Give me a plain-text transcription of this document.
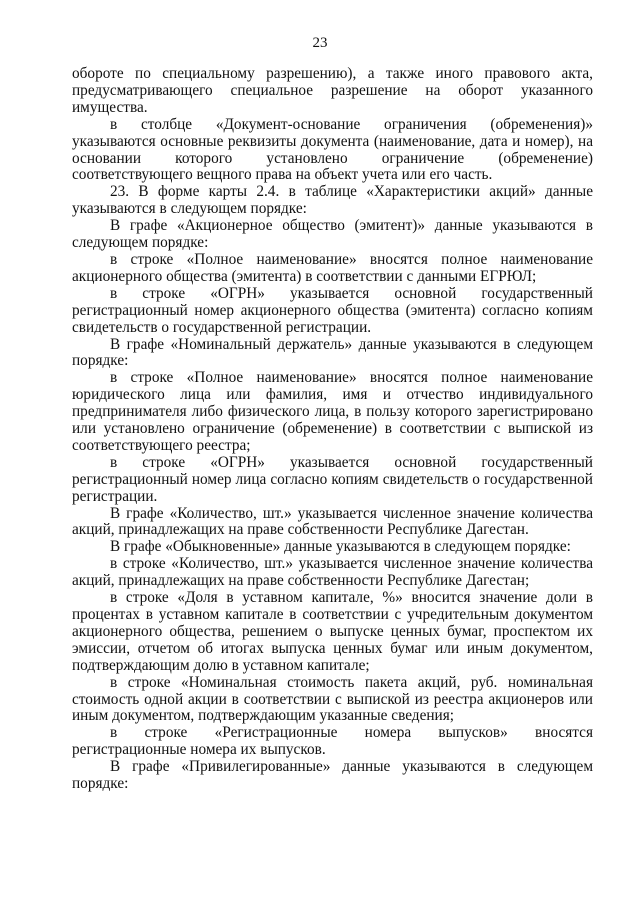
23

обороте по специальному разрешению), а также иного правового акта, предусматривающего специальное разрешение на оборот указанного имущества.

в столбце «Документ-основание ограничения (обременения)» указываются основные реквизиты документа (наименование, дата и номер), на основании которого установлено ограничение (обременение) соответствующего вещного права на объект учета или его часть.

23. В форме карты 2.4. в таблице «Характеристики акций» данные указываются в следующем порядке:

В графе «Акционерное общество (эмитент)» данные указываются в следующем порядке:

в строке «Полное наименование» вносятся полное наименование акционерного общества (эмитента) в соответствии с данными ЕГРЮЛ;

в строке «ОГРН» указывается основной государственный регистрационный номер акционерного общества (эмитента) согласно копиям свидетельств о государственной регистрации.

В графе «Номинальный держатель» данные указываются в следующем порядке:

в строке «Полное наименование» вносятся полное наименование юридического лица или фамилия, имя и отчество индивидуального предпринимателя либо физического лица, в пользу которого зарегистрировано или установлено ограничение (обременение) в соответствии с выпиской из соответствующего реестра;

в строке «ОГРН» указывается основной государственный регистрационный номер лица согласно копиям свидетельств о государственной регистрации.

В графе «Количество, шт.» указывается численное значение количества акций, принадлежащих на праве собственности Республике Дагестан.

В графе «Обыкновенные» данные указываются в следующем порядке:

в строке «Количество, шт.» указывается численное значение количества акций, принадлежащих на праве собственности Республике Дагестан;

в строке «Доля в уставном капитале, %» вносится значение доли в процентах в уставном капитале в соответствии с учредительным документом акционерного общества, решением о выпуске ценных бумаг, проспектом их эмиссии, отчетом об итогах выпуска ценных бумаг или иным документом, подтверждающим долю в уставном капитале;

в строке «Номинальная стоимость пакета акций, руб. номинальная стоимость одной акции в соответствии с выпиской из реестра акционеров или иным документом, подтверждающим указанные сведения;

в строке «Регистрационные номера выпусков» вносятся регистрационные номера их выпусков.

В графе «Привилегированные» данные указываются в следующем порядке:
